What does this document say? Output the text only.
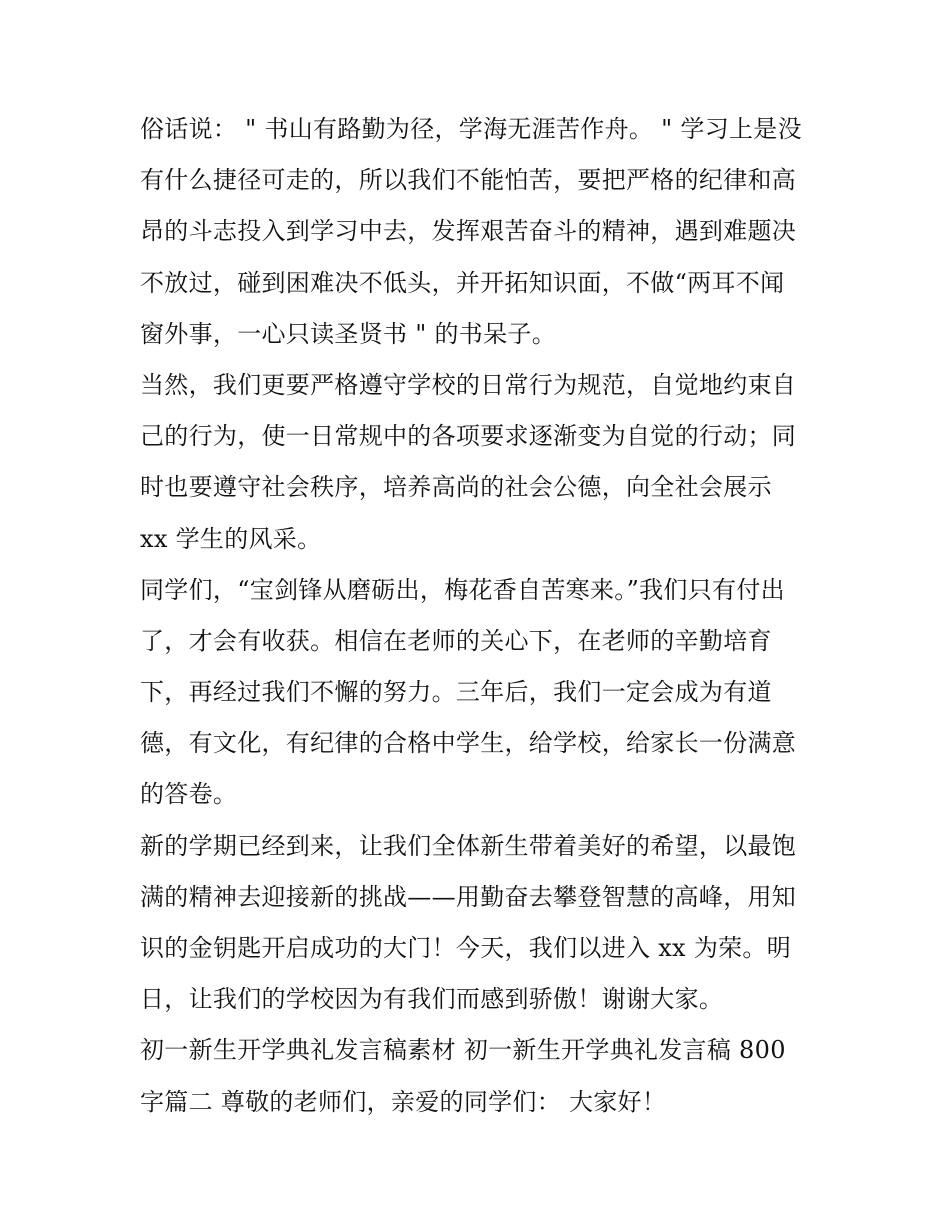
俗话说： " 书山有路勤为径，学海无涯苦作舟。 " 学习上是没
有什么捷径可走的，所以我们不能怕苦，要把严格的纪律和高
昂的斗志投入到学习中去，发挥艰苦奋斗的精神，遇到难题决
不放过，碰到困难决不低头，并开拓知识面，不做“两耳不闻
窗外事，一心只读圣贤书 " 的书呆子。
当然，我们更要严格遵守学校的日常行为规范，自觉地约束自
己的行为，使一日常规中的各项要求逐渐变为自觉的行动；同
时也要遵守社会秩序，培养高尚的社会公德，向全社会展示
xx 学生的风采。
同学们，“宝剑锋从磨砺出，梅花香自苦寒来。”我们只有付出
了，才会有收获。相信在老师的关心下，在老师的辛勤培育
下，再经过我们不懈的努力。三年后，我们一定会成为有道
德，有文化，有纪律的合格中学生，给学校，给家长一份满意
的答卷。
新的学期已经到来，让我们全体新生带着美好的希望，以最饱
满的精神去迎接新的挑战——用勤奋去攀登智慧的高峰，用知
识的金钥匙开启成功的大门！今天，我们以进入 xx 为荣。明
日，让我们的学校因为有我们而感到骄傲！谢谢大家。
初一新生开学典礼发言稿素材 初一新生开学典礼发言稿 800
字篇二 尊敬的老师们，亲爱的同学们： 大家好！
